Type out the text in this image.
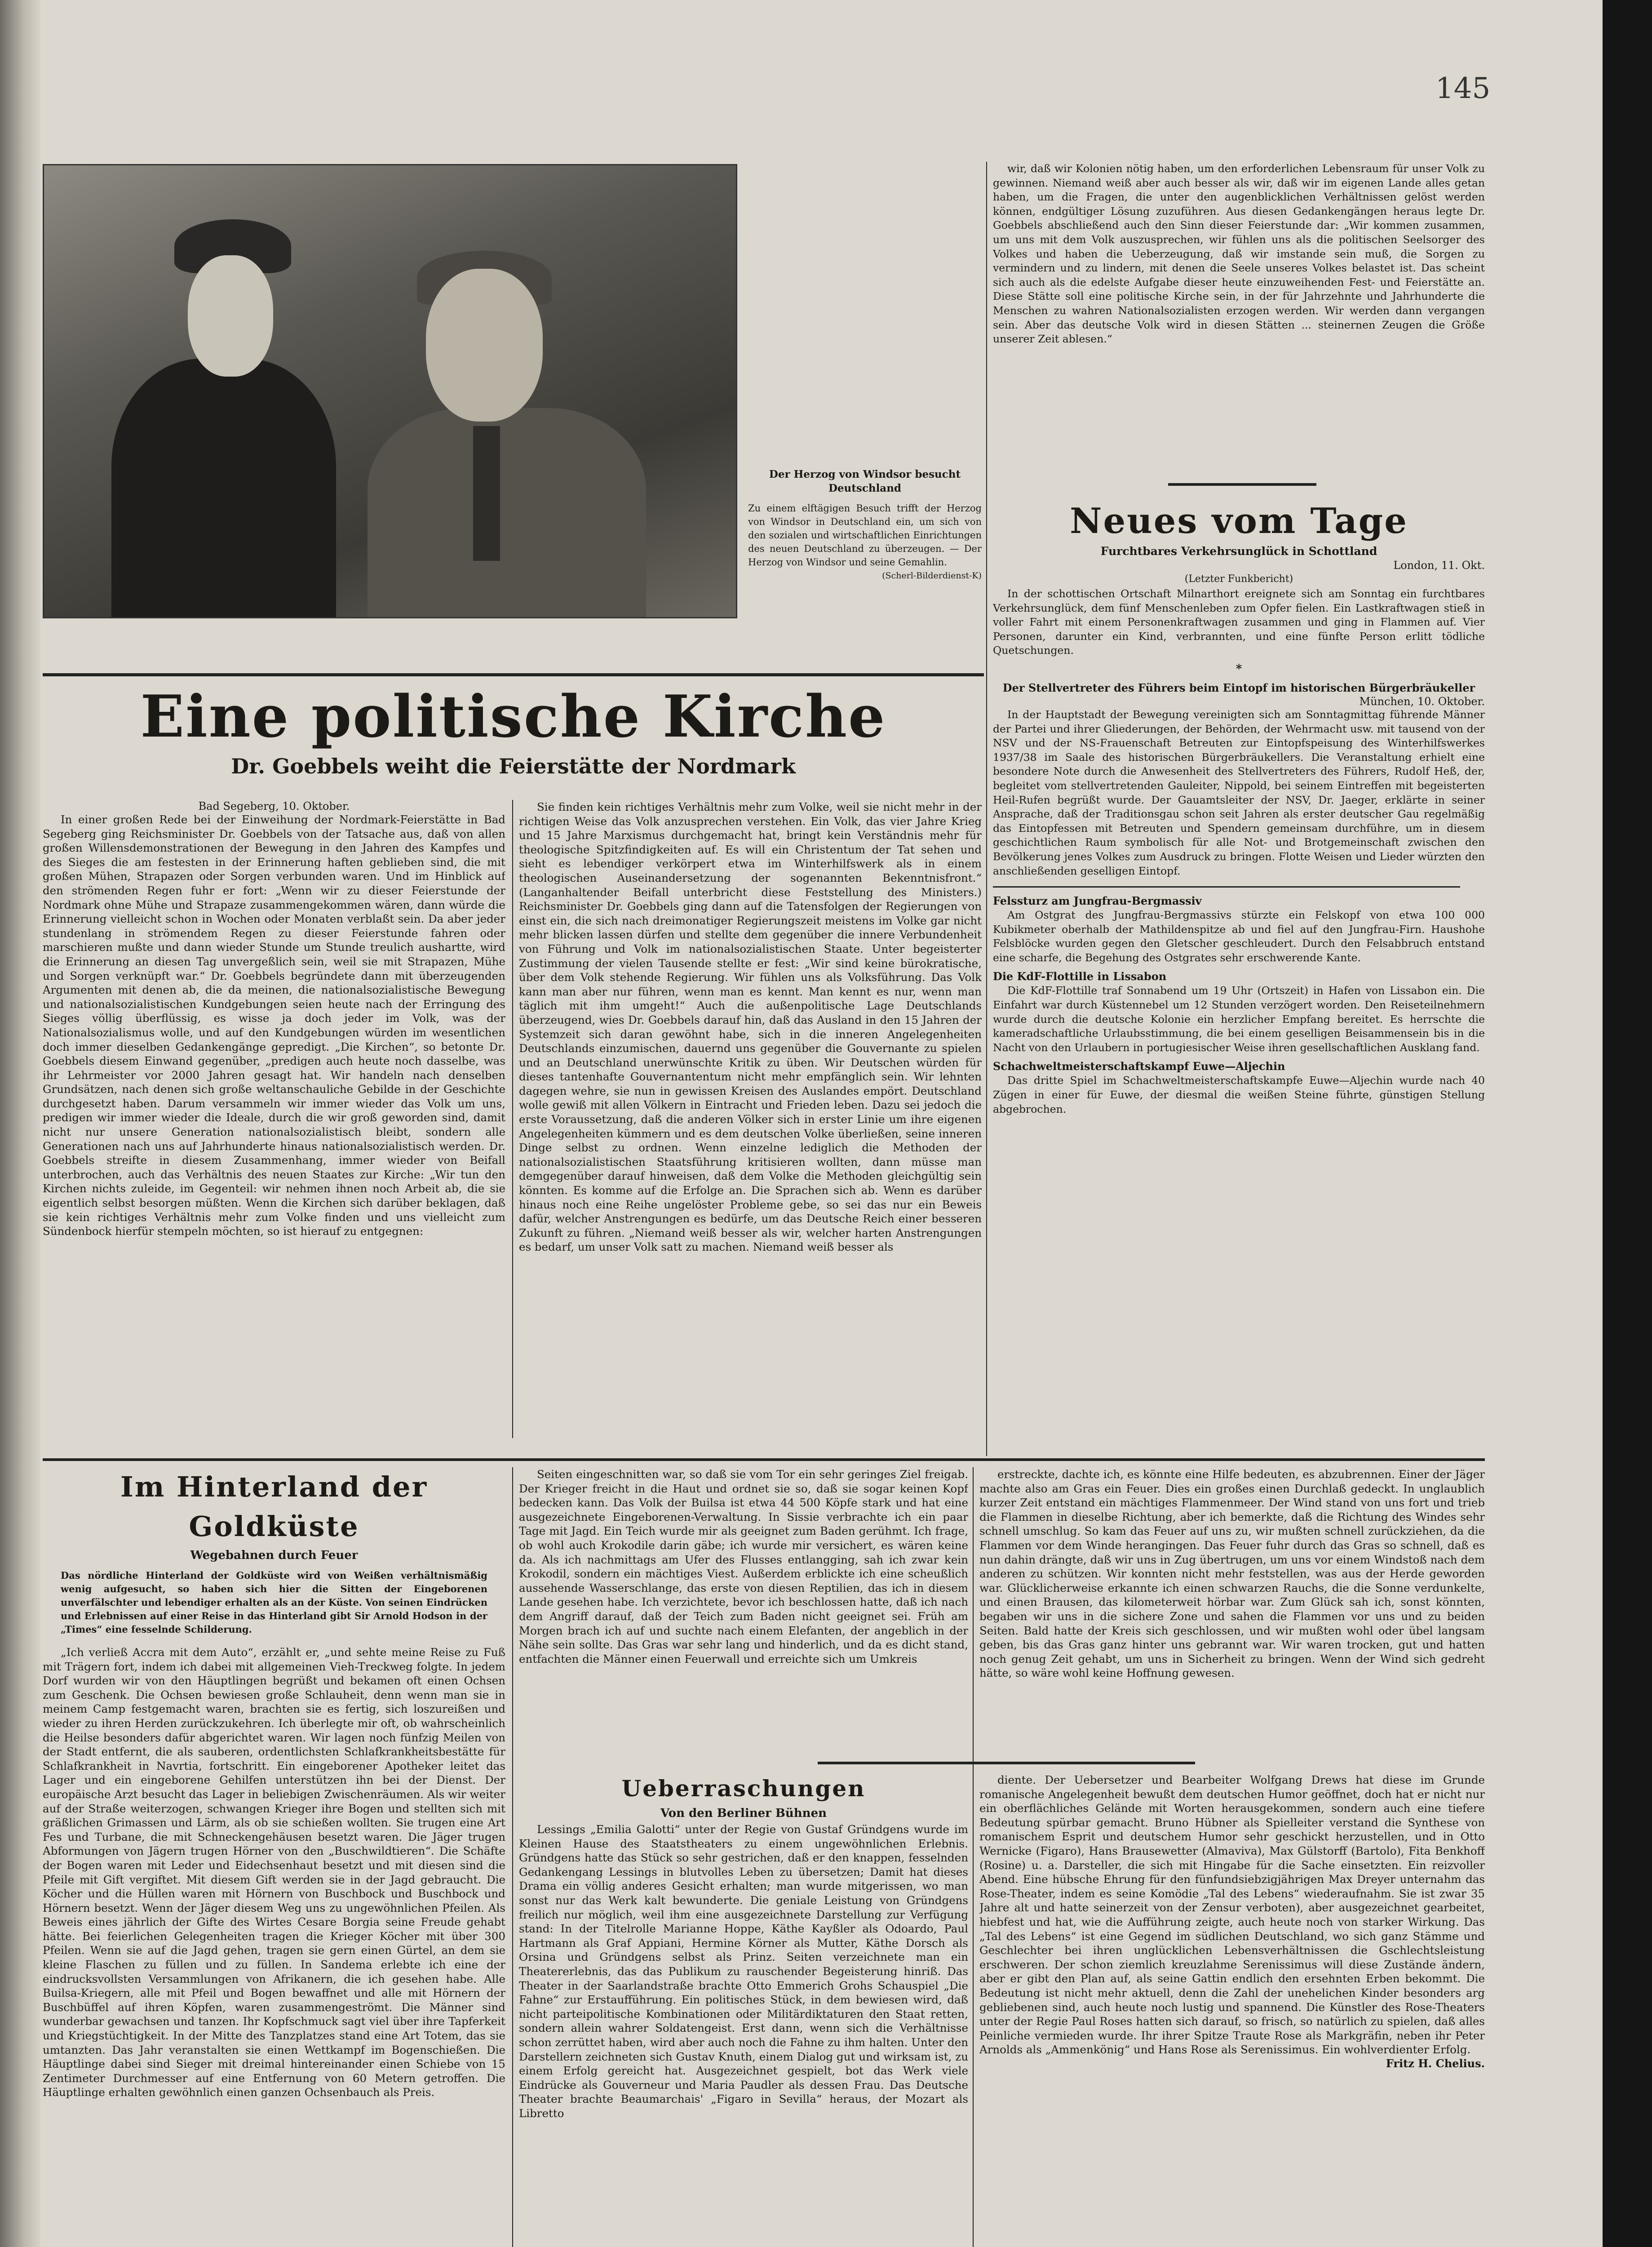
145
Der Herzog von Windsor besucht Deutschland
Zu einem elftägigen Besuch trifft der Herzog von Windsor in Deutschland ein, um sich von den sozialen und wirtschaftlichen Einrichtungen des neuen Deutschland zu überzeugen. — Der Herzog von Windsor und seine Gemahlin.
(Scherl-Bilderdienst-K)

wir, daß wir Kolonien nötig haben, um den erforderlichen Lebensraum für unser Volk zu gewinnen. Niemand weiß aber auch besser als wir, daß wir im eigenen Lande alles getan haben, um die Fragen, die unter den augenblicklichen Verhältnissen gelöst werden können, endgültiger Lösung zuzuführen. Aus diesen Gedankengängen heraus legte Dr. Goebbels abschließend auch den Sinn dieser Feierstunde dar: „Wir kommen zusammen, um uns mit dem Volk auszusprechen, wir fühlen uns als die politischen Seelsorger des Volkes und haben die Ueberzeugung, daß wir imstande sein muß, die Sorgen zu vermindern und zu lindern, mit denen die Seele unseres Volkes belastet ist. Das scheint sich auch als die edelste Aufgabe dieser heute einzuweihenden Fest- und Feierstätte an. Diese Stätte soll eine politische Kirche sein, in der für Jahrzehnte und Jahrhunderte die Menschen zu wahren Nationalsozialisten erzogen werden. Wir werden dann vergangen sein. Aber das deutsche Volk wird in diesen Stätten ... steinernen Zeugen die Größe unserer Zeit ablesen.“

Neues vom Tage
Furchtbares Verkehrsunglück in Schottland
London, 11. Okt.
(Letzter Funkbericht)

In der schottischen Ortschaft Milnarthort ereignete sich am Sonntag ein furchtbares Verkehrsunglück, dem fünf Menschenleben zum Opfer fielen. Ein Lastkraftwagen stieß in voller Fahrt mit einem Personenkraftwagen zusammen und ging in Flammen auf. Vier Personen, darunter ein Kind, verbrannten, und eine fünfte Person erlitt tödliche Quetschungen.

*
Der Stellvertreter des Führers beim Eintopf im historischen Bürgerbräukeller
München, 10. Oktober.

In der Hauptstadt der Bewegung vereinigten sich am Sonntagmittag führende Männer der Partei und ihrer Gliederungen, der Behörden, der Wehrmacht usw. mit tausend von der NSV und der NS-Frauenschaft Betreuten zur Eintopfspeisung des Winterhilfswerkes 1937/38 im Saale des historischen Bürgerbräukellers. Die Veranstaltung erhielt eine besondere Note durch die Anwesenheit des Stellvertreters des Führers, Rudolf Heß, der, begleitet vom stellvertretenden Gauleiter, Nippold, bei seinem Eintreffen mit begeisterten Heil-Rufen begrüßt wurde. Der Gauamtsleiter der NSV, Dr. Jaeger, erklärte in seiner Ansprache, daß der Traditionsgau schon seit Jahren als erster deutscher Gau regelmäßig das Eintopfessen mit Betreuten und Spendern gemeinsam durchführe, um in diesem geschichtlichen Raum symbolisch für alle Not- und Brotgemeinschaft zwischen den Bevölkerung jenes Volkes zum Ausdruck zu bringen. Flotte Weisen und Lieder würzten den anschließenden geselligen Eintopf.

Felssturz am Jungfrau-Bergmassiv

Am Ostgrat des Jungfrau-Bergmassivs stürzte ein Felskopf von etwa 100 000 Kubikmeter oberhalb der Mathildenspitze ab und fiel auf den Jungfrau-Firn. Haushohe Felsblöcke wurden gegen den Gletscher geschleudert. Durch den Felsabbruch entstand eine scharfe, die Begehung des Ostgrates sehr erschwerende Kante.

Die KdF-Flottille in Lissabon

Die KdF-Flottille traf Sonnabend um 19 Uhr (Ortszeit) in Hafen von Lissabon ein. Die Einfahrt war durch Küstennebel um 12 Stunden verzögert worden. Den Reiseteilnehmern wurde durch die deutsche Kolonie ein herzlicher Empfang bereitet. Es herrschte die kameradschaftliche Urlaubsstimmung, die bei einem geselligen Beisammensein bis in die Nacht von den Urlaubern in portugiesischer Weise ihren gesellschaftlichen Ausklang fand.

Schachweltmeisterschaftskampf Euwe—Aljechin

Das dritte Spiel im Schachweltmeisterschaftskampfe Euwe—Aljechin wurde nach 40 Zügen in einer für Euwe, der diesmal die weißen Steine führte, günstigen Stellung abgebrochen.

Eine politische Kirche
Dr. Goebbels weiht die Feierstätte der Nordmark
Bad Segeberg, 10. Oktober.

In einer großen Rede bei der Einweihung der Nordmark-Feierstätte in Bad Segeberg ging Reichsminister Dr. Goebbels von der Tatsache aus, daß von allen großen Willensdemonstrationen der Bewegung in den Jahren des Kampfes und des Sieges die am festesten in der Erinnerung haften geblieben sind, die mit großen Mühen, Strapazen oder Sorgen verbunden waren. Und im Hinblick auf den strömenden Regen fuhr er fort: „Wenn wir zu dieser Feierstunde der Nordmark ohne Mühe und Strapaze zusammengekommen wären, dann würde die Erinnerung vielleicht schon in Wochen oder Monaten verblaßt sein. Da aber jeder stundenlang in strömendem Regen zu dieser Feierstunde fahren oder marschieren mußte und dann wieder Stunde um Stunde treulich aushartte, wird die Erinnerung an diesen Tag unvergeßlich sein, weil sie mit Strapazen, Mühe und Sorgen verknüpft war.“ Dr. Goebbels begründete dann mit überzeugenden Argumenten mit denen ab, die da meinen, die nationalsozialistische Bewegung und nationalsozialistischen Kundgebungen seien heute nach der Erringung des Sieges völlig überflüssig, es wisse ja doch jeder im Volk, was der Nationalsozialismus wolle, und auf den Kundgebungen würden im wesentlichen doch immer dieselben Gedankengänge gepredigt. „Die Kirchen“, so betonte Dr. Goebbels diesem Einwand gegenüber, „predigen auch heute noch dasselbe, was ihr Lehrmeister vor 2000 Jahren gesagt hat. Wir handeln nach denselben Grundsätzen, nach denen sich große weltanschauliche Gebilde in der Geschichte durchgesetzt haben. Darum versammeln wir immer wieder das Volk um uns, predigen wir immer wieder die Ideale, durch die wir groß geworden sind, damit nicht nur unsere Generation nationalsozialistisch bleibt, sondern alle Generationen nach uns auf Jahrhunderte hinaus nationalsozialistisch werden. Dr. Goebbels streifte in diesem Zusammenhang, immer wieder von Beifall unterbrochen, auch das Verhältnis des neuen Staates zur Kirche: „Wir tun den Kirchen nichts zuleide, im Gegenteil: wir nehmen ihnen noch Arbeit ab, die sie eigentlich selbst besorgen müßten. Wenn die Kirchen sich darüber beklagen, daß sie kein richtiges Verhältnis mehr zum Volke finden und uns vielleicht zum Sündenbock hierfür stempeln möchten, so ist hierauf zu entgegnen:

Sie finden kein richtiges Verhältnis mehr zum Volke, weil sie nicht mehr in der richtigen Weise das Volk anzusprechen verstehen. Ein Volk, das vier Jahre Krieg und 15 Jahre Marxismus durchgemacht hat, bringt kein Verständnis mehr für theologische Spitzfindigkeiten auf. Es will ein Christentum der Tat sehen und sieht es lebendiger verkörpert etwa im Winterhilfswerk als in einem theologischen Auseinandersetzung der sogenannten Bekenntnisfront.“ (Langanhaltender Beifall unterbricht diese Feststellung des Ministers.) Reichsminister Dr. Goebbels ging dann auf die Tatensfolgen der Regierungen von einst ein, die sich nach dreimonatiger Regierungszeit meistens im Volke gar nicht mehr blicken lassen dürfen und stellte dem gegenüber die innere Verbundenheit von Führung und Volk im nationalsozialistischen Staate. Unter begeisterter Zustimmung der vielen Tausende stellte er fest: „Wir sind keine bürokratische, über dem Volk stehende Regierung. Wir fühlen uns als Volksführung. Das Volk kann man aber nur führen, wenn man es kennt. Man kennt es nur, wenn man täglich mit ihm umgeht!“ Auch die außenpolitische Lage Deutschlands überzeugend, wies Dr. Goebbels darauf hin, daß das Ausland in den 15 Jahren der Systemzeit sich daran gewöhnt habe, sich in die inneren Angelegenheiten Deutschlands einzumischen, dauernd uns gegenüber die Gouvernante zu spielen und an Deutschland unerwünschte Kritik zu üben. Wir Deutschen würden für dieses tantenhafte Gouvernantentum nicht mehr empfänglich sein. Wir lehnten dagegen wehre, sie nun in gewissen Kreisen des Auslandes empört. Deutschland wolle gewiß mit allen Völkern in Eintracht und Frieden leben. Dazu sei jedoch die erste Voraussetzung, daß die anderen Völker sich in erster Linie um ihre eigenen Angelegenheiten kümmern und es dem deutschen Volke überließen, seine inneren Dinge selbst zu ordnen. Wenn einzelne lediglich die Methoden der nationalsozialistischen Staatsführung kritisieren wollten, dann müsse man demgegenüber darauf hinweisen, daß dem Volke die Methoden gleichgültig sein könnten. Es komme auf die Erfolge an. Die Sprachen sich ab. Wenn es darüber hinaus noch eine Reihe ungelöster Probleme gebe, so sei das nur ein Beweis dafür, welcher Anstrengungen es bedürfe, um das Deutsche Reich einer besseren Zukunft zu führen. „Niemand weiß besser als wir, welcher harten Anstrengungen es bedarf, um unser Volk satt zu machen. Niemand weiß besser als

Im Hinterland der Goldküste
Wegebahnen durch Feuer
Das nördliche Hinterland der Goldküste wird von Weißen verhältnismäßig wenig aufgesucht, so haben sich hier die Sitten der Eingeborenen unverfälschter und lebendiger erhalten als an der Küste. Von seinen Eindrücken und Erlebnissen auf einer Reise in das Hinterland gibt Sir Arnold Hodson in der „Times“ eine fesselnde Schilderung.

„Ich verließ Accra mit dem Auto“, erzählt er, „und sehte meine Reise zu Fuß mit Trägern fort, indem ich dabei mit allgemeinen Vieh-Treckweg folgte. In jedem Dorf wurden wir von den Häuptlingen begrüßt und bekamen oft einen Ochsen zum Geschenk. Die Ochsen bewiesen große Schlauheit, denn wenn man sie in meinem Camp festgemacht waren, brachten sie es fertig, sich loszureißen und wieder zu ihren Herden zurückzukehren. Ich überlegte mir oft, ob wahrscheinlich die Heilse besonders dafür abgerichtet waren. Wir lagen noch fünfzig Meilen von der Stadt entfernt, die als sauberen, ordentlichsten Schlafkrankheitsbestätte für Schlafkrankheit in Navrtia, fortschritt. Ein eingeborener Apotheker leitet das Lager und ein eingeborene Gehilfen unterstützen ihn bei der Dienst. Der europäische Arzt besucht das Lager in beliebigen Zwischenräumen. Als wir weiter auf der Straße weiterzogen, schwangen Krieger ihre Bogen und stellten sich mit gräßlichen Grimassen und Lärm, als ob sie schießen wollten. Sie trugen eine Art Fes und Turbane, die mit Schneckengehäusen besetzt waren. Die Jäger trugen Abformungen von Jägern trugen Hörner von den „Buschwildtieren“. Die Schäfte der Bogen waren mit Leder und Eidechsenhaut besetzt und mit diesen sind die Pfeile mit Gift vergiftet. Mit diesem Gift werden sie in der Jagd gebraucht. Die Köcher und die Hüllen waren mit Hörnern von Buschbock und Buschbock und Hörnern besetzt. Wenn der Jäger diesem Weg uns zu ungewöhnlichen Pfeilen. Als Beweis eines jährlich der Gifte des Wirtes Cesare Borgia seine Freude gehabt hätte. Bei feierlichen Gelegenheiten tragen die Krieger Köcher mit über 300 Pfeilen. Wenn sie auf die Jagd gehen, tragen sie gern einen Gürtel, an dem sie kleine Flaschen zu füllen und zu füllen. In Sandema erlebte ich eine der eindrucksvollsten Versammlungen von Afrikanern, die ich gesehen habe. Alle Builsa-Kriegern, alle mit Pfeil und Bogen bewaffnet und alle mit Hörnern der Buschbüffel auf ihren Köpfen, waren zusammengeströmt. Die Männer sind wunderbar gewachsen und tanzen. Ihr Kopfschmuck sagt viel über ihre Tapferkeit und Kriegstüchtigkeit. In der Mitte des Tanzplatzes stand eine Art Totem, das sie umtanzten. Das Jahr veranstalten sie einen Wettkampf im Bogenschießen. Die Häuptlinge dabei sind Sieger mit dreimal hintereinander einen Schiebe von 15 Zentimeter Durchmesser auf eine Entfernung von 60 Metern getroffen. Die Häuptlinge erhalten gewöhnlich einen ganzen Ochsenbauch als Preis.

Seiten eingeschnitten war, so daß sie vom Tor ein sehr geringes Ziel freigab. Der Krieger freicht in die Haut und ordnet sie so, daß sie sogar keinen Kopf bedecken kann. Das Volk der Builsa ist etwa 44 500 Köpfe stark und hat eine ausgezeichnete Eingeborenen-Verwaltung. In Sissie verbrachte ich ein paar Tage mit Jagd. Ein Teich wurde mir als geeignet zum Baden gerühmt. Ich frage, ob wohl auch Krokodile darin gäbe; ich wurde mir versichert, es wären keine da. Als ich nachmittags am Ufer des Flusses entlangging, sah ich zwar kein Krokodil, sondern ein mächtiges Viest. Außerdem erblickte ich eine scheußlich aussehende Wasserschlange, das erste von diesen Reptilien, das ich in diesem Lande gesehen habe. Ich verzichtete, bevor ich beschlossen hatte, daß ich nach dem Angriff darauf, daß der Teich zum Baden nicht geeignet sei. Früh am Morgen brach ich auf und suchte nach einem Elefanten, der angeblich in der Nähe sein sollte. Das Gras war sehr lang und hinderlich, und da es dicht stand, entfachten die Männer einen Feuerwall und erreichte sich um Umkreis

erstreckte, dachte ich, es könnte eine Hilfe bedeuten, es abzubrennen. Einer der Jäger machte also am Gras ein Feuer. Dies ein großes einen Durchlaß gedeckt. In unglaublich kurzer Zeit entstand ein mächtiges Flammenmeer. Der Wind stand von uns fort und trieb die Flammen in dieselbe Richtung, aber ich bemerkte, daß die Richtung des Windes sehr schnell umschlug. So kam das Feuer auf uns zu, wir mußten schnell zurückziehen, da die Flammen vor dem Winde herangingen. Das Feuer fuhr durch das Gras so schnell, daß es nun dahin drängte, daß wir uns in Zug übertrugen, um uns vor einem Windstoß nach dem anderen zu schützen. Wir konnten nicht mehr feststellen, was aus der Herde geworden war. Glücklicherweise erkannte ich einen schwarzen Rauchs, die die Sonne verdunkelte, und einen Brausen, das kilometerweit hörbar war. Zum Glück sah ich, sonst könnten, begaben wir uns in die sichere Zone und sahen die Flammen vor uns und zu beiden Seiten. Bald hatte der Kreis sich geschlossen, und wir mußten wohl oder übel langsam geben, bis das Gras ganz hinter uns gebrannt war. Wir waren trocken, gut und hatten noch genug Zeit gehabt, um uns in Sicherheit zu bringen. Wenn der Wind sich gedreht hätte, so wäre wohl keine Hoffnung gewesen.

Ueberraschungen
Von den Berliner Bühnen

Lessings „Emilia Galotti“ unter der Regie von Gustaf Gründgens wurde im Kleinen Hause des Staatstheaters zu einem ungewöhnlichen Erlebnis. Gründgens hatte das Stück so sehr gestrichen, daß er den knappen, fesselnden Gedankengang Lessings in blutvolles Leben zu übersetzen; Damit hat dieses Drama ein völlig anderes Gesicht erhalten; man wurde mitgerissen, wo man sonst nur das Werk kalt bewunderte. Die geniale Leistung von Gründgens freilich nur möglich, weil ihm eine ausgezeichnete Darstellung zur Verfügung stand: In der Titelrolle Marianne Hoppe, Käthe Kayßler als Odoardo, Paul Hartmann als Graf Appiani, Hermine Körner als Mutter, Käthe Dorsch als Orsina und Gründgens selbst als Prinz. Seiten verzeichnete man ein Theatererlebnis, das das Publikum zu rauschender Begeisterung hinriß. Das Theater in der Saarlandstraße brachte Otto Emmerich Grohs Schauspiel „Die Fahne“ zur Erstaufführung. Ein politisches Stück, in dem bewiesen wird, daß nicht parteipolitische Kombinationen oder Militärdiktaturen den Staat retten, sondern allein wahrer Soldatengeist. Erst dann, wenn sich die Verhältnisse schon zerrüttet haben, wird aber auch noch die Fahne zu ihm halten. Unter den Darstellern zeichneten sich Gustav Knuth, einem Dialog gut und wirksam ist, zu einem Erfolg gereicht hat. Ausgezeichnet gespielt, bot das Werk viele Eindrücke als Gouverneur und Maria Paudler als dessen Frau. Das Deutsche Theater brachte Beaumarchais' „Figaro in Sevilla“ heraus, der Mozart als Libretto

diente. Der Uebersetzer und Bearbeiter Wolfgang Drews hat diese im Grunde romanische Angelegenheit bewußt dem deutschen Humor geöffnet, doch hat er nicht nur ein oberflächliches Gelände mit Worten herausgekommen, sondern auch eine tiefere Bedeutung spürbar gemacht. Bruno Hübner als Spielleiter verstand die Synthese von romanischem Esprit und deutschem Humor sehr geschickt herzustellen, und in Otto Wernicke (Figaro), Hans Brausewetter (Almaviva), Max Gülstorff (Bartolo), Fita Benkhoff (Rosine) u. a. Darsteller, die sich mit Hingabe für die Sache einsetzten. Ein reizvoller Abend. Eine hübsche Ehrung für den fünfundsiebzigjährigen Max Dreyer unternahm das Rose-Theater, indem es seine Komödie „Tal des Lebens“ wiederaufnahm. Sie ist zwar 35 Jahre alt und hatte seinerzeit von der Zensur verboten), aber ausgezeichnet gearbeitet, hiebfest und hat, wie die Aufführung zeigte, auch heute noch von starker Wirkung. Das „Tal des Lebens“ ist eine Gegend im südlichen Deutschland, wo sich ganz Stämme und Geschlechter bei ihren unglücklichen Lebensverhältnissen die Gschlechtsleistung erschweren. Der schon ziemlich kreuzlahme Serenissimus will diese Zustände ändern, aber er gibt den Plan auf, als seine Gattin endlich den ersehnten Erben bekommt. Die Bedeutung ist nicht mehr aktuell, denn die Zahl der unehelichen Kinder besonders arg gebliebenen sind, auch heute noch lustig und spannend. Die Künstler des Rose-Theaters unter der Regie Paul Roses hatten sich darauf, so frisch, so natürlich zu spielen, daß alles Peinliche vermieden wurde. Ihr ihrer Spitze Traute Rose als Markgräfin, neben ihr Peter Arnolds als „Ammenkönig“ und Hans Rose als Serenissimus. Ein wohlverdienter Erfolg.

Fritz H. Chelius.
